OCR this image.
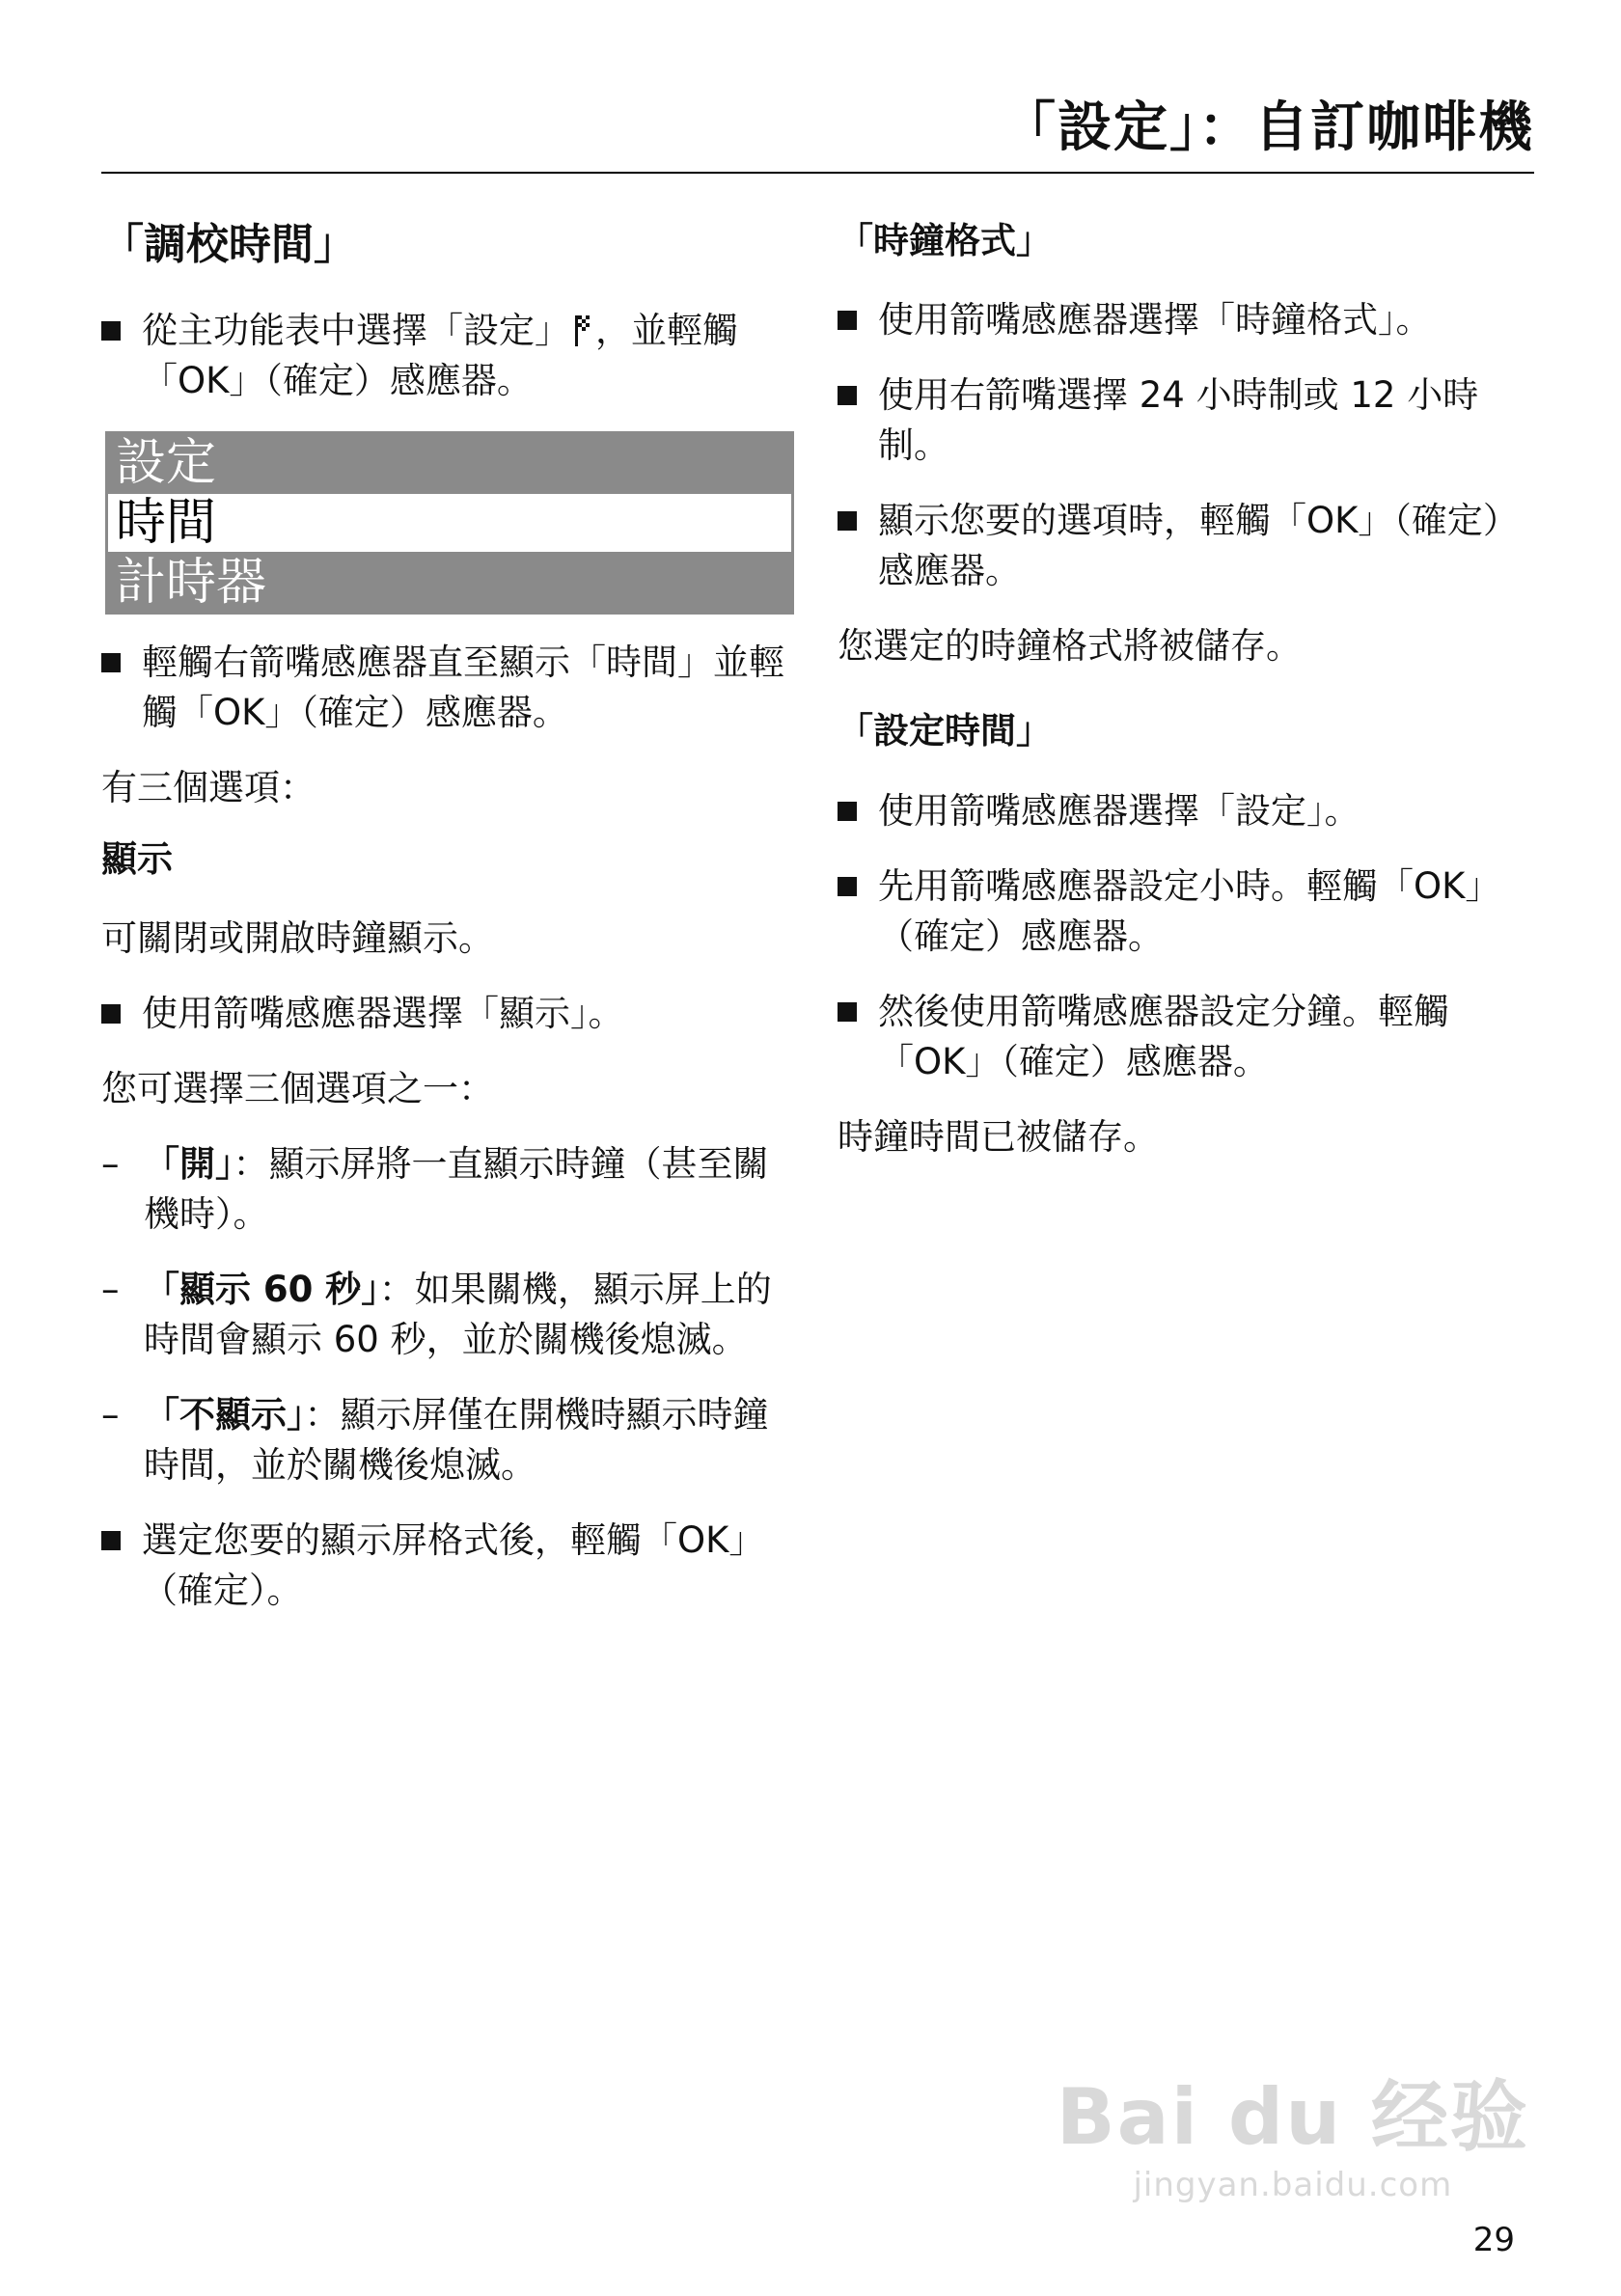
「設定」：自訂咖啡機
「調校時間」
從主功能表中選擇「設定」 ，並輕觸「OK」（確定）感應器。
設定
時間
計時器
輕觸右箭嘴感應器直至顯示「時間」並輕觸「OK」（確定）感應器。
有三個選項：
顯示
可關閉或開啟時鐘顯示。
使用箭嘴感應器選擇「顯示」。
您可選擇三個選項之一：
– 「開」：顯示屏將一直顯示時鐘（甚至關機時）。
– 「顯示 60 秒」：如果關機，顯示屏上的時間會顯示 60 秒，並於關機後熄滅。
– 「不顯示」：顯示屏僅在開機時顯示時鐘時間，並於關機後熄滅。
選定您要的顯示屏格式後，輕觸「OK」（確定）。
「時鐘格式」
使用箭嘴感應器選擇「時鐘格式」。
使用右箭嘴選擇 24 小時制或 12 小時制。
顯示您要的選項時，輕觸「OK」（確定）感應器。
您選定的時鐘格式將被儲存。
「設定時間」
使用箭嘴感應器選擇「設定」。
先用箭嘴感應器設定小時。輕觸「OK」（確定）感應器。
然後使用箭嘴感應器設定分鐘。輕觸「OK」（確定）感應器。
時鐘時間已被儲存。
Bai du 经验
jingyan.baidu.com
29
